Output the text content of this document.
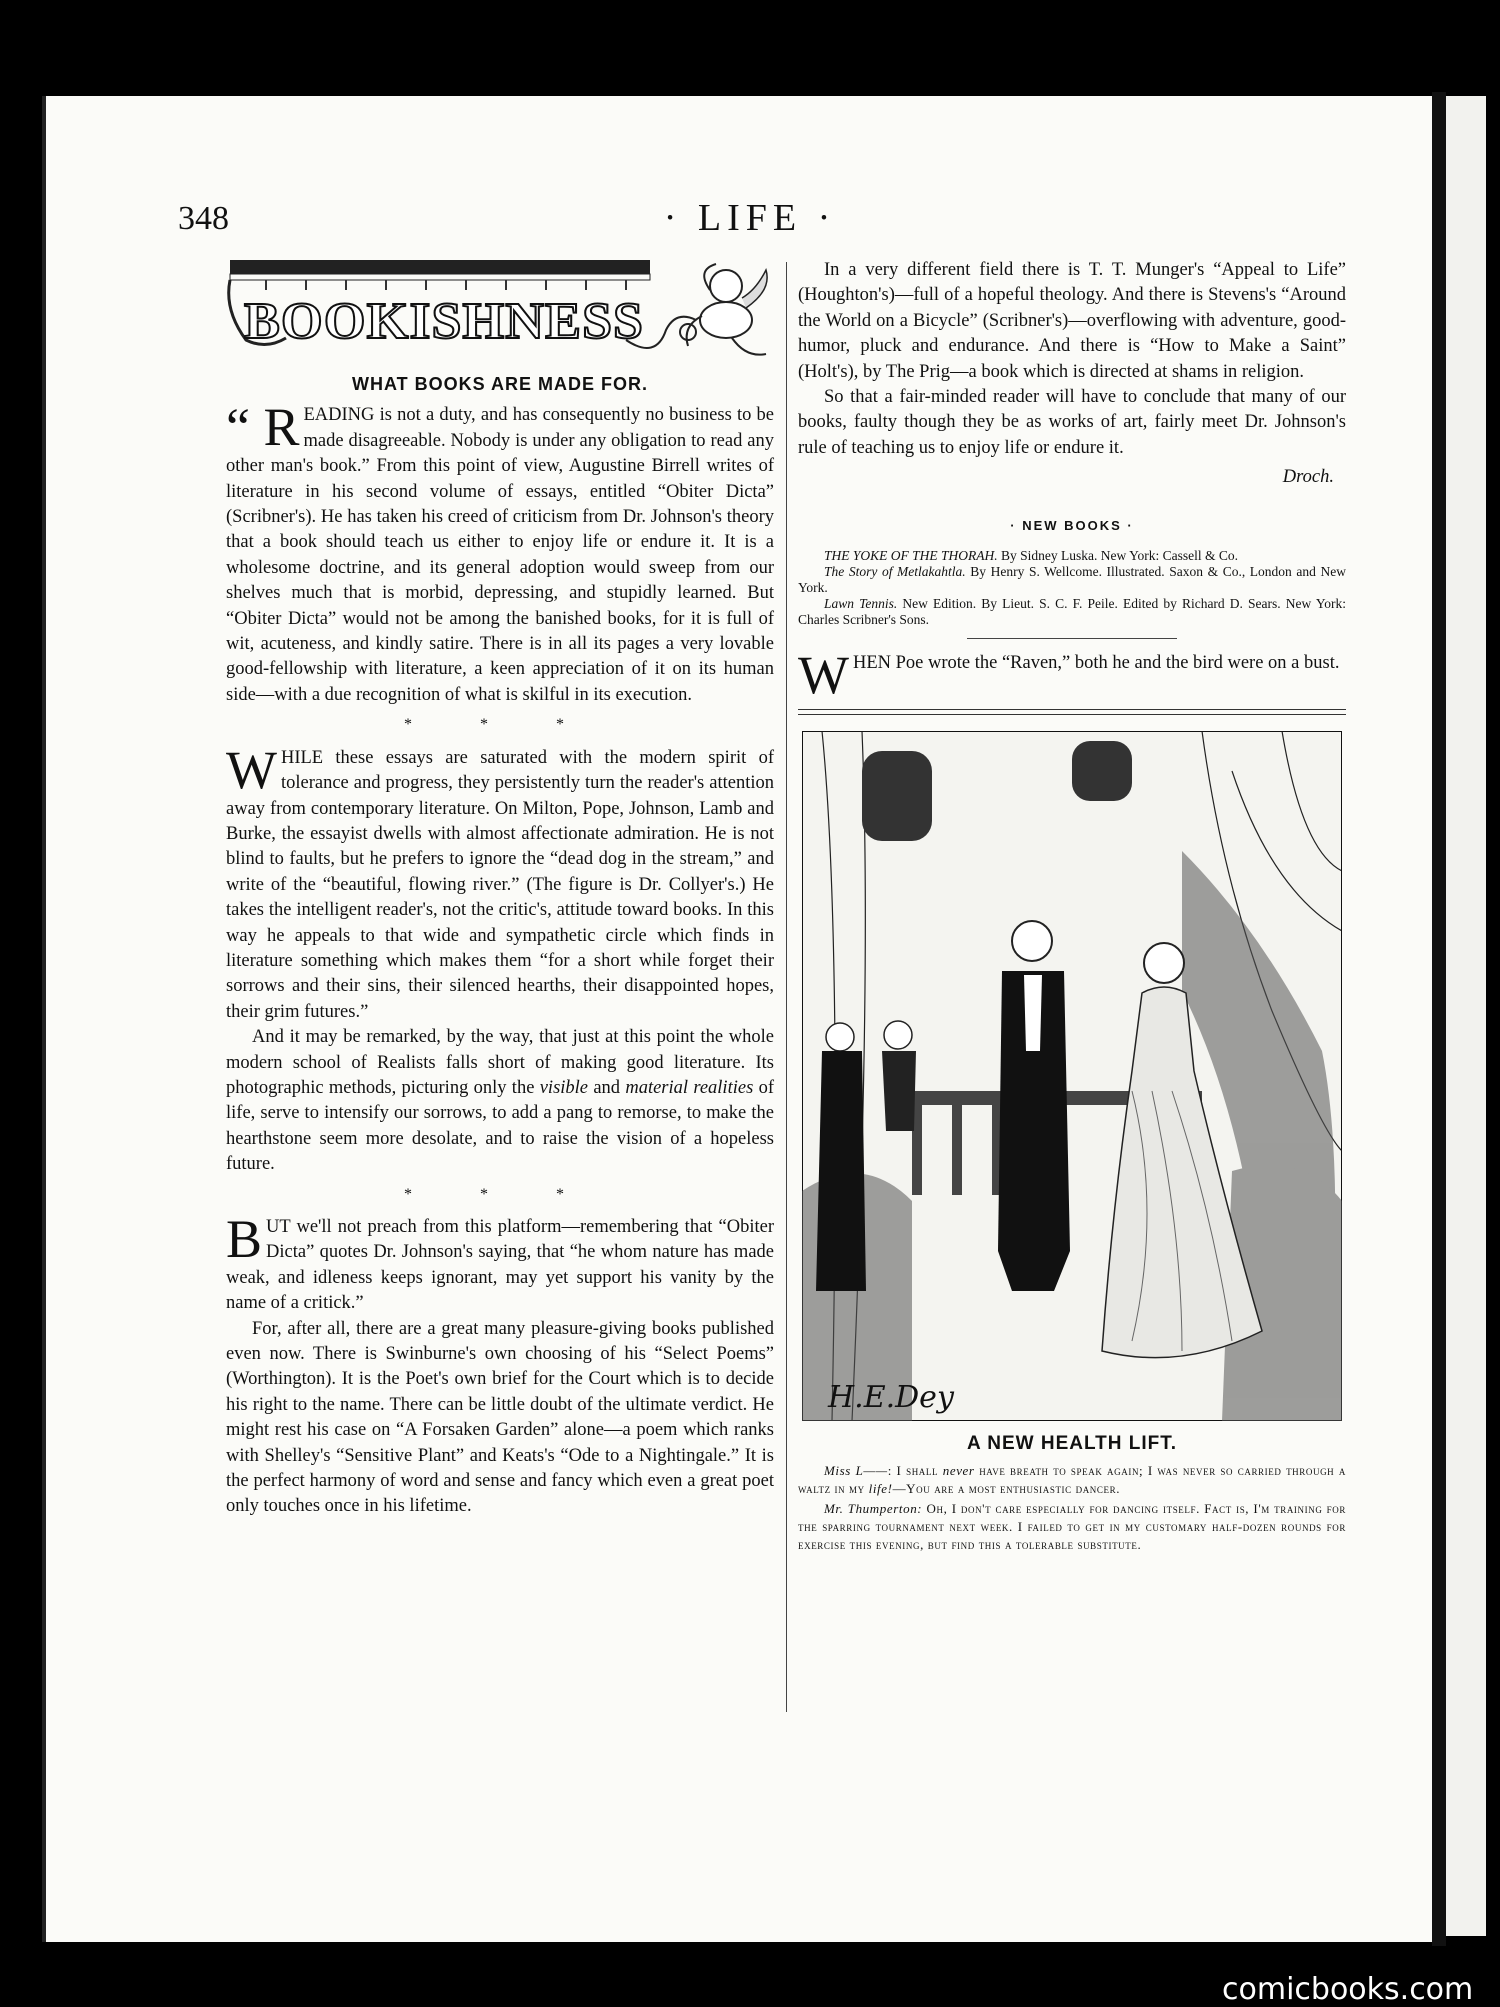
348	· LIFE ·
BOOKISHNESS
WHAT BOOKS ARE MADE FOR.

“ R EADING is not a duty, and has consequently no business to be made disagreeable. Nobody is under any obligation to read any other man's book.” From this point of view, Augustine Birrell writes of literature in his second volume of essays, entitled “Obiter Dicta” (Scribner's). He has taken his creed of criticism from Dr. Johnson's theory that a book should teach us either to enjoy life or endure it. It is a wholesome doctrine, and its general adoption would sweep from our shelves much that is morbid, depressing, and stupidly learned. But “Obiter Dicta” would not be among the banished books, for it is full of wit, acuteness, and kindly satire. There is in all its pages a very lovable good-fellowship with literature, a keen appreciation of it on its human side—with a due recognition of what is skilful in its execution.

* * *

WHILE these essays are saturated with the modern spirit of tolerance and progress, they persistently turn the reader's attention away from contemporary literature. On Milton, Pope, Johnson, Lamb and Burke, the essayist dwells with almost affectionate admiration. He is not blind to faults, but he prefers to ignore the “dead dog in the stream,” and write of the “beautiful, flowing river.” (The figure is Dr. Collyer's.) He takes the intelligent reader's, not the critic's, attitude toward books. In this way he appeals to that wide and sympathetic circle which finds in literature something which makes them “for a short while forget their sorrows and their sins, their silenced hearths, their disappointed hopes, their grim futures.”

And it may be remarked, by the way, that just at this point the whole modern school of Realists falls short of making good literature. Its photographic methods, picturing only the visible and material realities of life, serve to intensify our sorrows, to add a pang to remorse, to make the hearthstone seem more desolate, and to raise the vision of a hopeless future.

* * *

BUT we'll not preach from this platform—remembering that “Obiter Dicta” quotes Dr. Johnson's saying, that “he whom nature has made weak, and idleness keeps ignorant, may yet support his vanity by the name of a critick.”

For, after all, there are a great many pleasure-giving books published even now. There is Swinburne's own choosing of his “Select Poems” (Worthington). It is the Poet's own brief for the Court which is to decide his right to the name. There can be little doubt of the ultimate verdict. He might rest his case on “A Forsaken Garden” alone—a poem which ranks with Shelley's “Sensitive Plant” and Keats's “Ode to a Nightingale.” It is the perfect harmony of word and sense and fancy which even a great poet only touches once in his lifetime.

In a very different field there is T. T. Munger's “Appeal to Life” (Houghton's)—full of a hopeful theology. And there is Stevens's “Around the World on a Bicycle” (Scribner's)—overflowing with adventure, good-humor, pluck and endurance. And there is “How to Make a Saint” (Holt's), by The Prig—a book which is directed at shams in religion.

So that a fair-minded reader will have to conclude that many of our books, faulty though they be as works of art, fairly meet Dr. Johnson's rule of teaching us to enjoy life or endure it.

Droch.
· NEW BOOKS ·

THE YOKE OF THE THORAH. By Sidney Luska. New York: Cassell & Co.

The Story of Metlakahtla. By Henry S. Wellcome. Illustrated. Saxon & Co., London and New York.

Lawn Tennis. New Edition. By Lieut. S. C. F. Peile. Edited by Richard D. Sears. New York: Charles Scribner's Sons.

WHEN Poe wrote the “Raven,” both he and the bird were on a bust.

H.E.Dey
A NEW HEALTH LIFT.

Miss L——: I shall never have breath to speak again; I was never so carried through a waltz in my life!—You are a most enthusiastic dancer.

Mr. Thumperton: Oh, I don't care especially for dancing itself. Fact is, I'm training for the sparring tournament next week. I failed to get in my customary half-dozen rounds for exercise this evening, but find this a tolerable substitute.

comicbooks.com
